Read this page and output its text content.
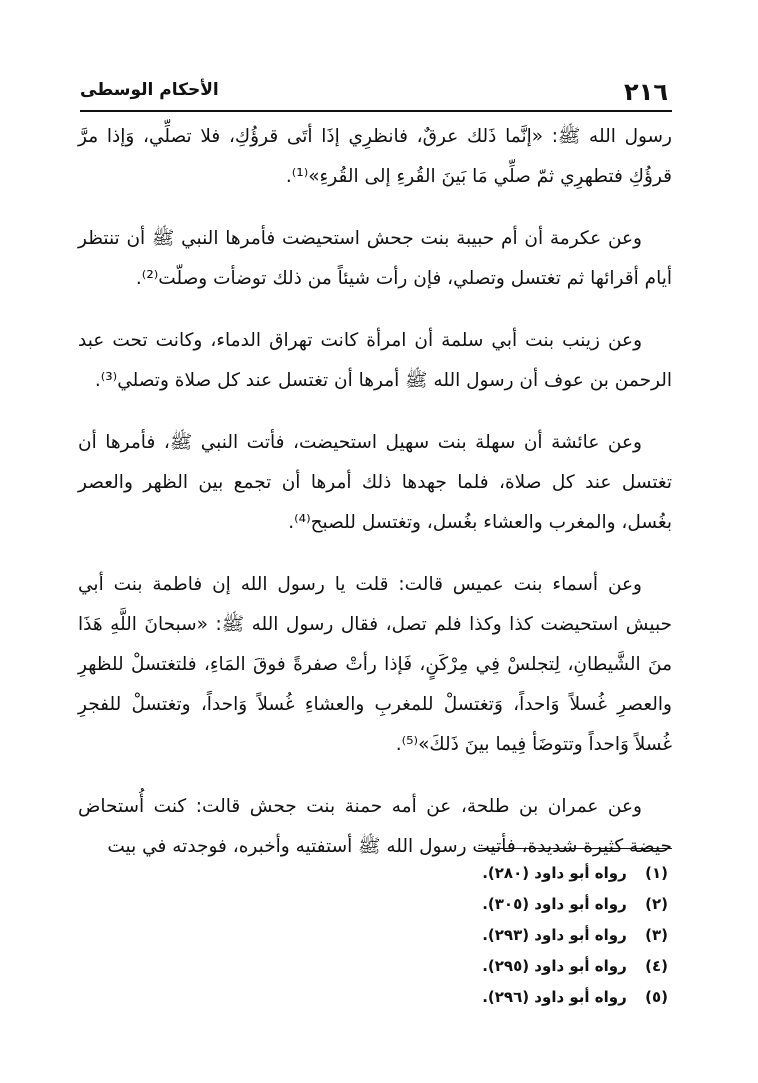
٢١٦
الأحكام الوسطى

رسول الله ﷺ: «إنَّما ذَلك عرقٌ، فانظرِي إذَا أتَى قرؤُكِ، فلا تصلِّي، وَإذا مرَّ قرؤُكِ فتطهرِي ثمّ صلِّي مَا بَينَ القُرءِ إلى القُرءِ»⁽¹⁾.

وعن عكرمة أن أم حبيبة بنت جحش استحيضت فأمرها النبي ﷺ أن تنتظر أيام أقرائها ثم تغتسل وتصلي، فإن رأت شيئاً من ذلك توضأت وصلّت⁽²⁾.

وعن زينب بنت أبي سلمة أن امرأة كانت تهراق الدماء، وكانت تحت عبد الرحمن بن عوف أن رسول الله ﷺ أمرها أن تغتسل عند كل صلاة وتصلي⁽³⁾.

وعن عائشة أن سهلة بنت سهيل استحيضت، فأتت النبي ﷺ، فأمرها أن تغتسل عند كل صلاة، فلما جهدها ذلك أمرها أن تجمع بين الظهر والعصر بغُسل، والمغرب والعشاء بغُسل، وتغتسل للصبح⁽⁴⁾.

وعن أسماء بنت عميس قالت: قلت يا رسول الله إن فاطمة بنت أبي حبيش استحيضت كذا وكذا فلم تصل، فقال رسول الله ﷺ: «سبحانَ اللَّهِ هَذَا منَ الشَّيطانِ، لِتجلسْ فِي مِرْكَنٍ، فَإذا رأتْ صفرةً فوقَ المَاءِ، فلتغتسلْ للظهرِ والعصرِ غُسلاً وَاحداً، وَتغتسلْ للمغربِ والعشاءِ غُسلاً وَاحداً، وتغتسلْ للفجرِ غُسلاً وَاحداً وتتوضَأ فِيما بينَ ذَلكَ»⁽⁵⁾.

وعن عمران بن طلحة، عن أمه حمنة بنت جحش قالت: كنت أُستحاض حيضة كثيرة شديدة، فأتيت رسول الله ﷺ أستفتيه وأخبره، فوجدته في بيت

(١) رواه أبو داود (٢٨٠).
(٢) رواه أبو داود (٣٠٥).
(٣) رواه أبو داود (٢٩٣).
(٤) رواه أبو داود (٢٩٥).
(٥) رواه أبو داود (٢٩٦).
